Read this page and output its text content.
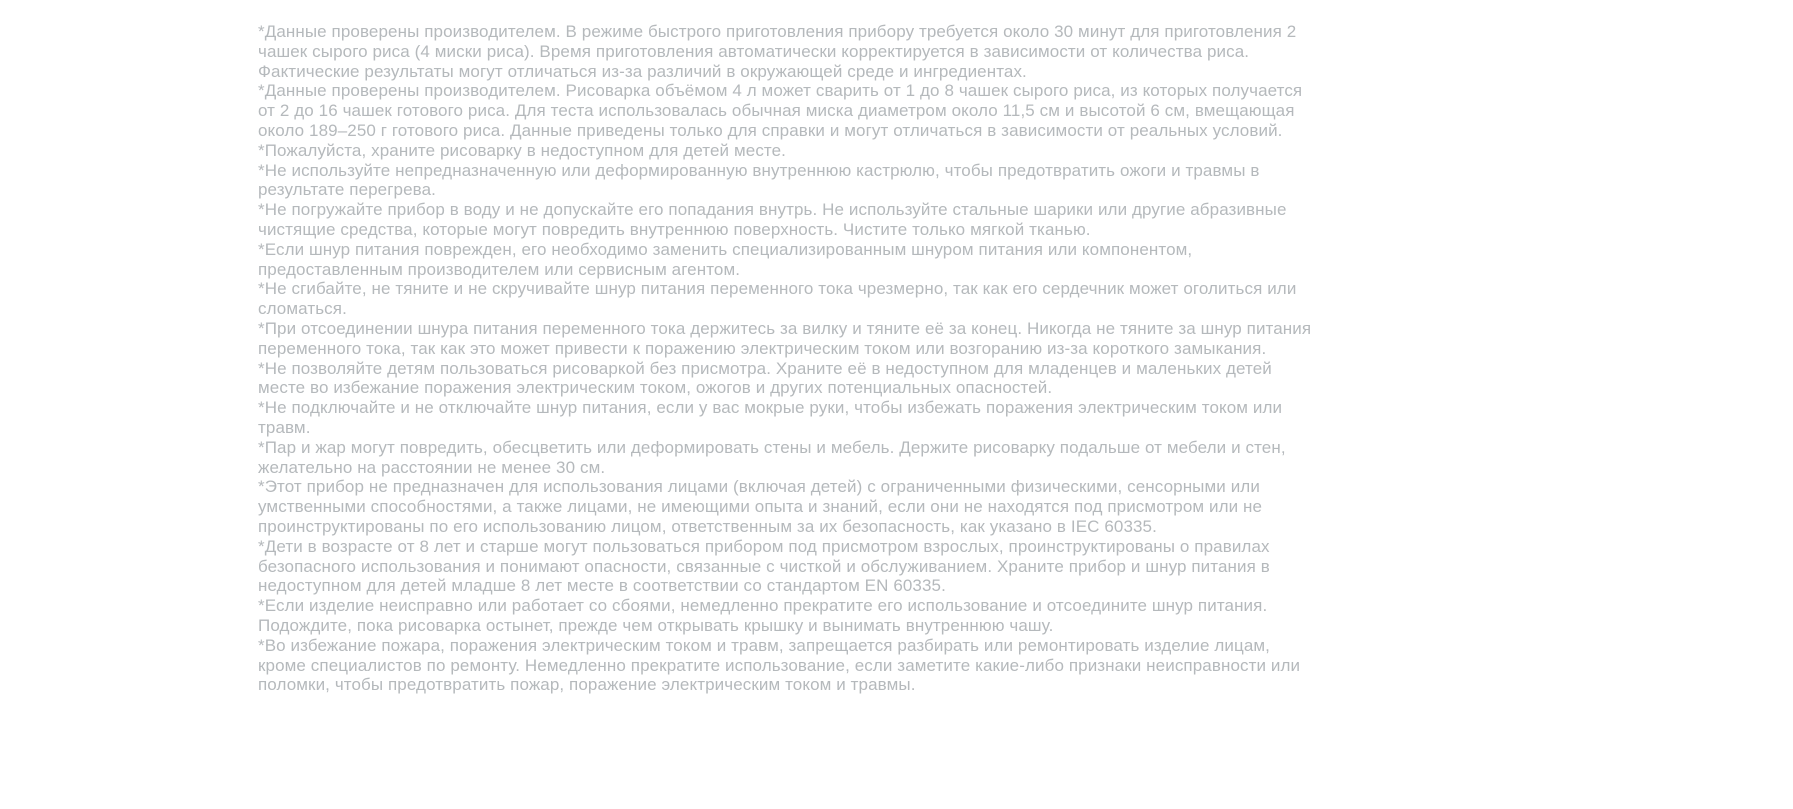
*Данные проверены производителем. В режиме быстрого приготовления прибору требуется около 30 минут для приготовления 2 чашек сырого риса (4 миски риса). Время приготовления автоматически корректируется в зависимости от количества риса. Фактические результаты могут отличаться из-за различий в окружающей среде и ингредиентах.

*Данные проверены производителем. Рисоварка объёмом 4 л может сварить от 1 до 8 чашек сырого риса, из которых получается от 2 до 16 чашек готового риса. Для теста использовалась обычная миска диаметром около 11,5 см и высотой 6 см, вмещающая около 189–250 г готового риса. Данные приведены только для справки и могут отличаться в зависимости от реальных условий.

*Пожалуйста, храните рисоварку в недоступном для детей месте.

*Не используйте непредназначенную или деформированную внутреннюю кастрюлю, чтобы предотвратить ожоги и травмы в результате перегрева.

*Не погружайте прибор в воду и не допускайте его попадания внутрь. Не используйте стальные шарики или другие абразивные чистящие средства, которые могут повредить внутреннюю поверхность. Чистите только мягкой тканью.

*Если шнур питания поврежден, его необходимо заменить специализированным шнуром питания или компонентом, предоставленным производителем или сервисным агентом.

*Не сгибайте, не тяните и не скручивайте шнур питания переменного тока чрезмерно, так как его сердечник может оголиться или сломаться.

*При отсоединении шнура питания переменного тока держитесь за вилку и тяните её за конец. Никогда не тяните за шнур питания переменного тока, так как это может привести к поражению электрическим током или возгоранию из-за короткого замыкания.

*Не позволяйте детям пользоваться рисоваркой без присмотра. Храните её в недоступном для младенцев и маленьких детей месте во избежание поражения электрическим током, ожогов и других потенциальных опасностей.

*Не подключайте и не отключайте шнур питания, если у вас мокрые руки, чтобы избежать поражения электрическим током или травм.

*Пар и жар могут повредить, обесцветить или деформировать стены и мебель. Держите рисоварку подальше от мебели и стен, желательно на расстоянии не менее 30 см.

*Этот прибор не предназначен для использования лицами (включая детей) с ограниченными физическими, сенсорными или умственными способностями, а также лицами, не имеющими опыта и знаний, если они не находятся под присмотром или не проинструктированы по его использованию лицом, ответственным за их безопасность, как указано в IEC 60335.

*Дети в возрасте от 8 лет и старше могут пользоваться прибором под присмотром взрослых, проинструктированы о правилах безопасного использования и понимают опасности, связанные с чисткой и обслуживанием. Храните прибор и шнур питания в недоступном для детей младше 8 лет месте в соответствии со стандартом EN 60335.

*Если изделие неисправно или работает со сбоями, немедленно прекратите его использование и отсоедините шнур питания. Подождите, пока рисоварка остынет, прежде чем открывать крышку и вынимать внутреннюю чашу.

*Во избежание пожара, поражения электрическим током и травм, запрещается разбирать или ремонтировать изделие лицам, кроме специалистов по ремонту. Немедленно прекратите использование, если заметите какие-либо признаки неисправности или поломки, чтобы предотвратить пожар, поражение электрическим током и травмы.
